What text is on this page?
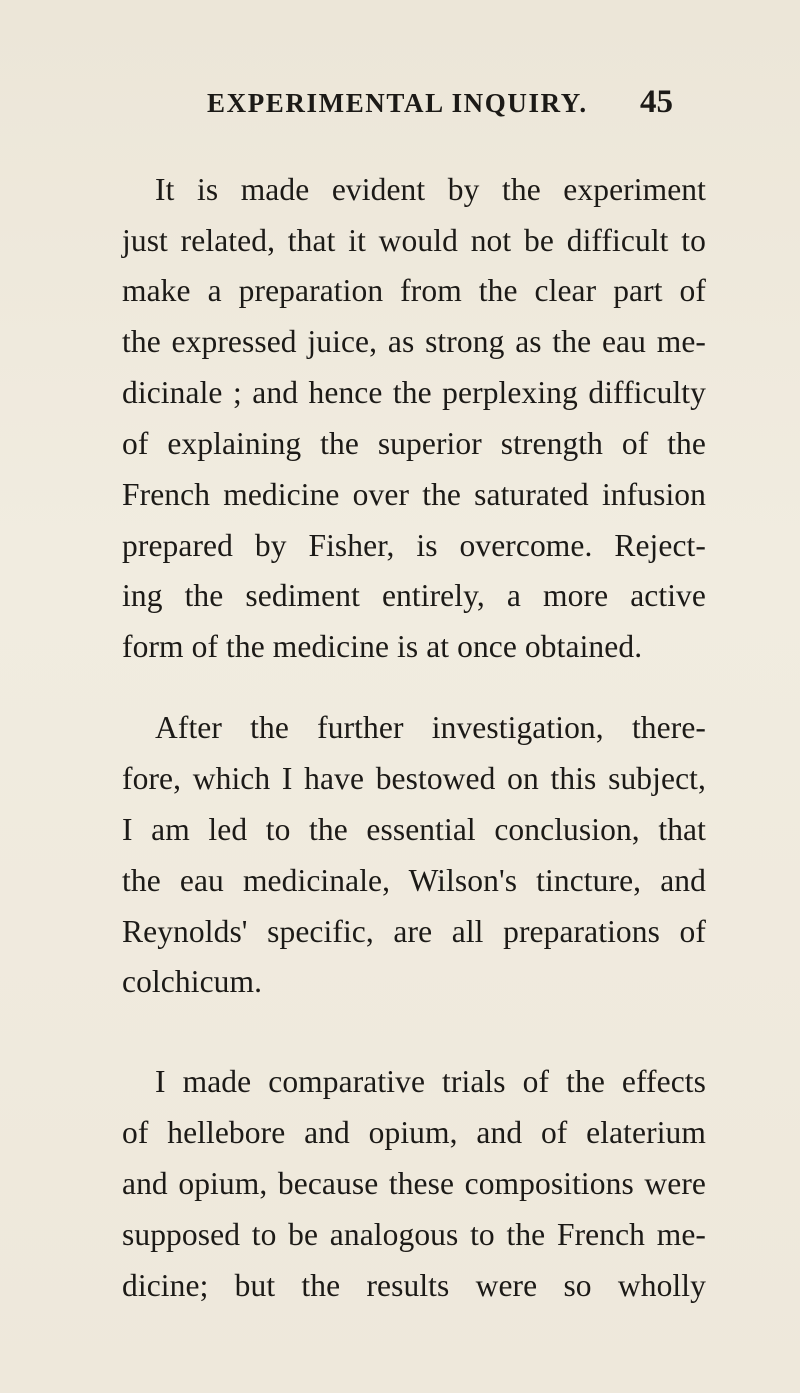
EXPERIMENTAL INQUIRY. 45
It is made evident by the experiment
just related, that it would not be difficult to
make a preparation from the clear part of
the expressed juice, as strong as the eau me-
dicinale ; and hence the perplexing difficulty
of explaining the superior strength of the
French medicine over the saturated infusion
prepared by Fisher, is overcome. Reject-
ing the sediment entirely, a more active
form of the medicine is at once obtained.
After the further investigation, there-
fore, which I have bestowed on this subject,
I am led to the essential conclusion, that
the eau medicinale, Wilson's tincture, and
Reynolds' specific, are all preparations of
colchicum.
I made comparative trials of the effects
of hellebore and opium, and of elaterium
and opium, because these compositions were
supposed to be analogous to the French me-
dicine; but the results were so wholly
